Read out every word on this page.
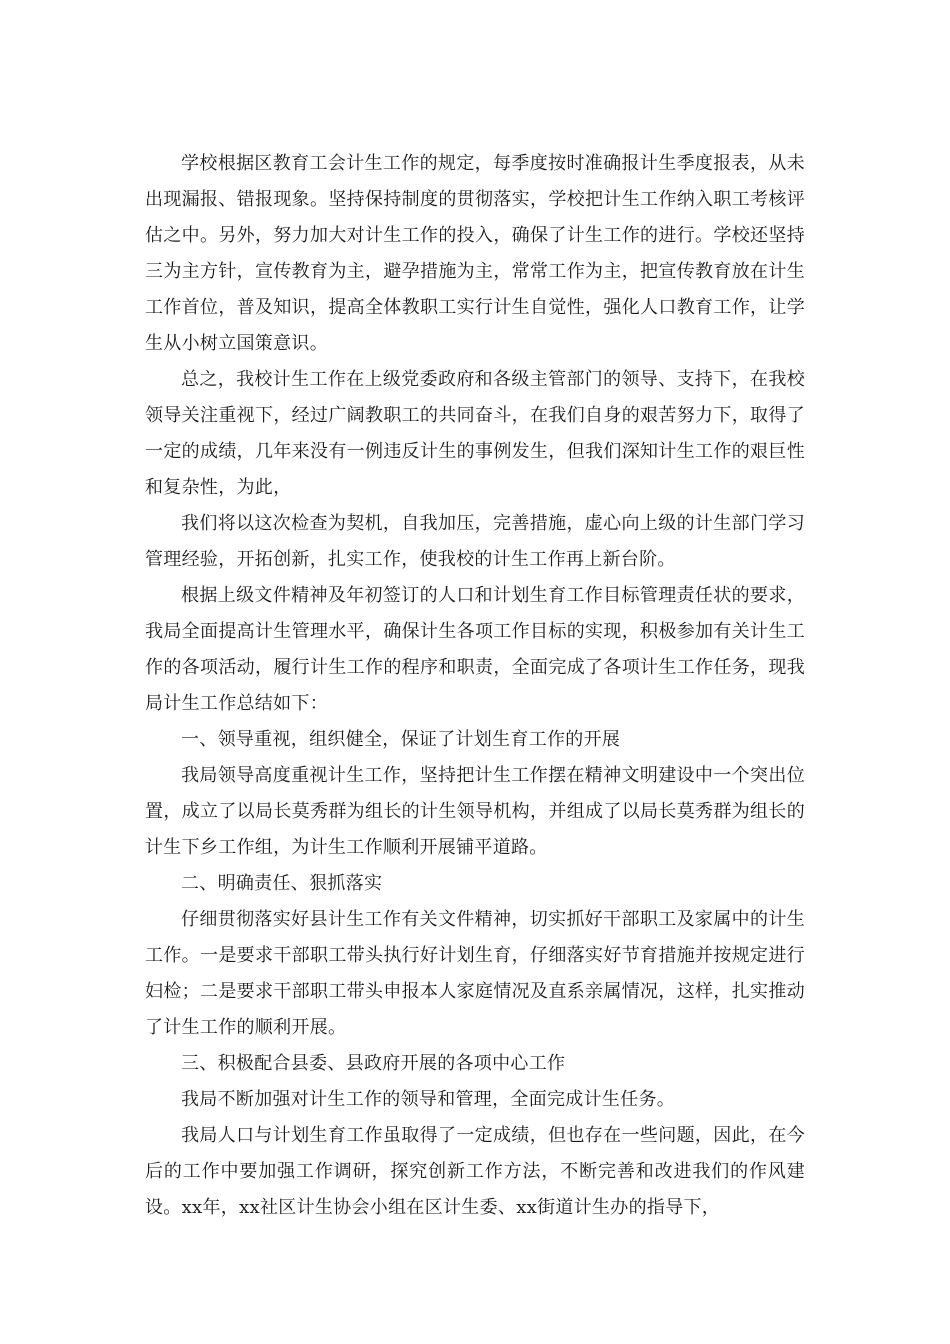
学校根据区教育工会计生工作的规定，每季度按时准确报计生季度报表，从未出现漏报、错报现象。坚持保持制度的贯彻落实，学校把计生工作纳入职工考核评估之中。另外，努力加大对计生工作的投入，确保了计生工作的进行。学校还坚持三为主方针，宣传教育为主，避孕措施为主，常常工作为主，把宣传教育放在计生工作首位，普及知识，提高全体教职工实行计生自觉性，强化人口教育工作，让学生从小树立国策意识。

总之，我校计生工作在上级党委政府和各级主管部门的领导、支持下，在我校领导关注重视下，经过广阔教职工的共同奋斗，在我们自身的艰苦努力下，取得了一定的成绩，几年来没有一例违反计生的事例发生，但我们深知计生工作的艰巨性和复杂性，为此，

我们将以这次检查为契机，自我加压，完善措施，虚心向上级的计生部门学习管理经验，开拓创新，扎实工作，使我校的计生工作再上新台阶。

根据上级文件精神及年初签订的人口和计划生育工作目标管理责任状的要求，我局全面提高计生管理水平，确保计生各项工作目标的实现，积极参加有关计生工作的各项活动，履行计生工作的程序和职责，全面完成了各项计生工作任务，现我局计生工作总结如下：

一、领导重视，组织健全，保证了计划生育工作的开展

我局领导高度重视计生工作，坚持把计生工作摆在精神文明建设中一个突出位置，成立了以局长莫秀群为组长的计生领导机构，并组成了以局长莫秀群为组长的计生下乡工作组，为计生工作顺利开展铺平道路。

二、明确责任、狠抓落实

仔细贯彻落实好县计生工作有关文件精神，切实抓好干部职工及家属中的计生工作。一是要求干部职工带头执行好计划生育，仔细落实好节育措施并按规定进行妇检；二是要求干部职工带头申报本人家庭情况及直系亲属情况，这样，扎实推动了计生工作的顺利开展。

三、积极配合县委、县政府开展的各项中心工作

我局不断加强对计生工作的领导和管理，全面完成计生任务。

我局人口与计划生育工作虽取得了一定成绩，但也存在一些问题，因此，在今后的工作中要加强工作调研，探究创新工作方法，不断完善和改进我们的作风建设。xx年，xx社区计生协会小组在区计生委、xx街道计生办的指导下，
